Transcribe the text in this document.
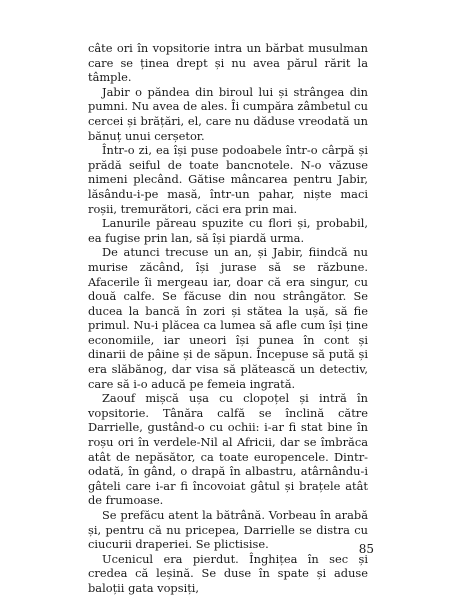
câte ori în vopsitorie intra un bărbat musulman care se ținea drept și nu avea părul rărit la tâmple.

Jabir o păndea din biroul lui și strângea din pumni. Nu avea de ales. Îi cumpăra zâmbetul cu cercei și brățări, el, care nu dăduse vreodată un bănuț unui cerșetor.

Într-o zi, ea își puse podoabele într-o cârpă și prădă seiful de toate bancnotele. N-o văzuse nimeni plecând. Gătise mâncarea pentru Jabir, lăsându-i-pe masă, într-un pahar, niște maci roșii, tremurători, căci era prin mai.

Lanurile păreau spuzite cu flori și, probabil, ea fugise prin lan, să își piardă urma.

De atunci trecuse un an, și Jabir, fiindcă nu murise zăcând, își jurase să se răzbune. Afacerile îi mergeau iar, doar că era singur, cu două calfe. Se făcuse din nou strângător. Se ducea la bancă în zori și stătea la ușă, să fie primul. Nu-i plăcea ca lumea să afle cum își ține economiile, iar uneori își punea în cont și dinarii de pâine și de săpun. Începuse să pută și era slăbănog, dar visa să plătească un detectiv, care să i-o aducă pe femeia ingrată.

Zaouf mișcă ușa cu clopoțel și intră în vopsitorie. Tânăra calfă se înclină către Darrielle, gustând-o cu ochii: i-ar fi stat bine în roșu ori în verdele-Nil al Africii, dar se îmbrăca atât de nepăsător, ca toate europencele. Dintr-odată, în gând, o drapă în albastru, atârnându-i gâteli care i-ar fi încovoiat gâtul și brațele atât de frumoase.

Se prefăcu atent la bătrână. Vorbeau în arabă și, pentru că nu pricepea, Darrielle se distra cu ciucurii draperiei. Se plictisise.

Ucenicul era pierdut. Înghițea în sec și credea că leșină. Se duse în spate și aduse baloții gata vopsiți,

85
